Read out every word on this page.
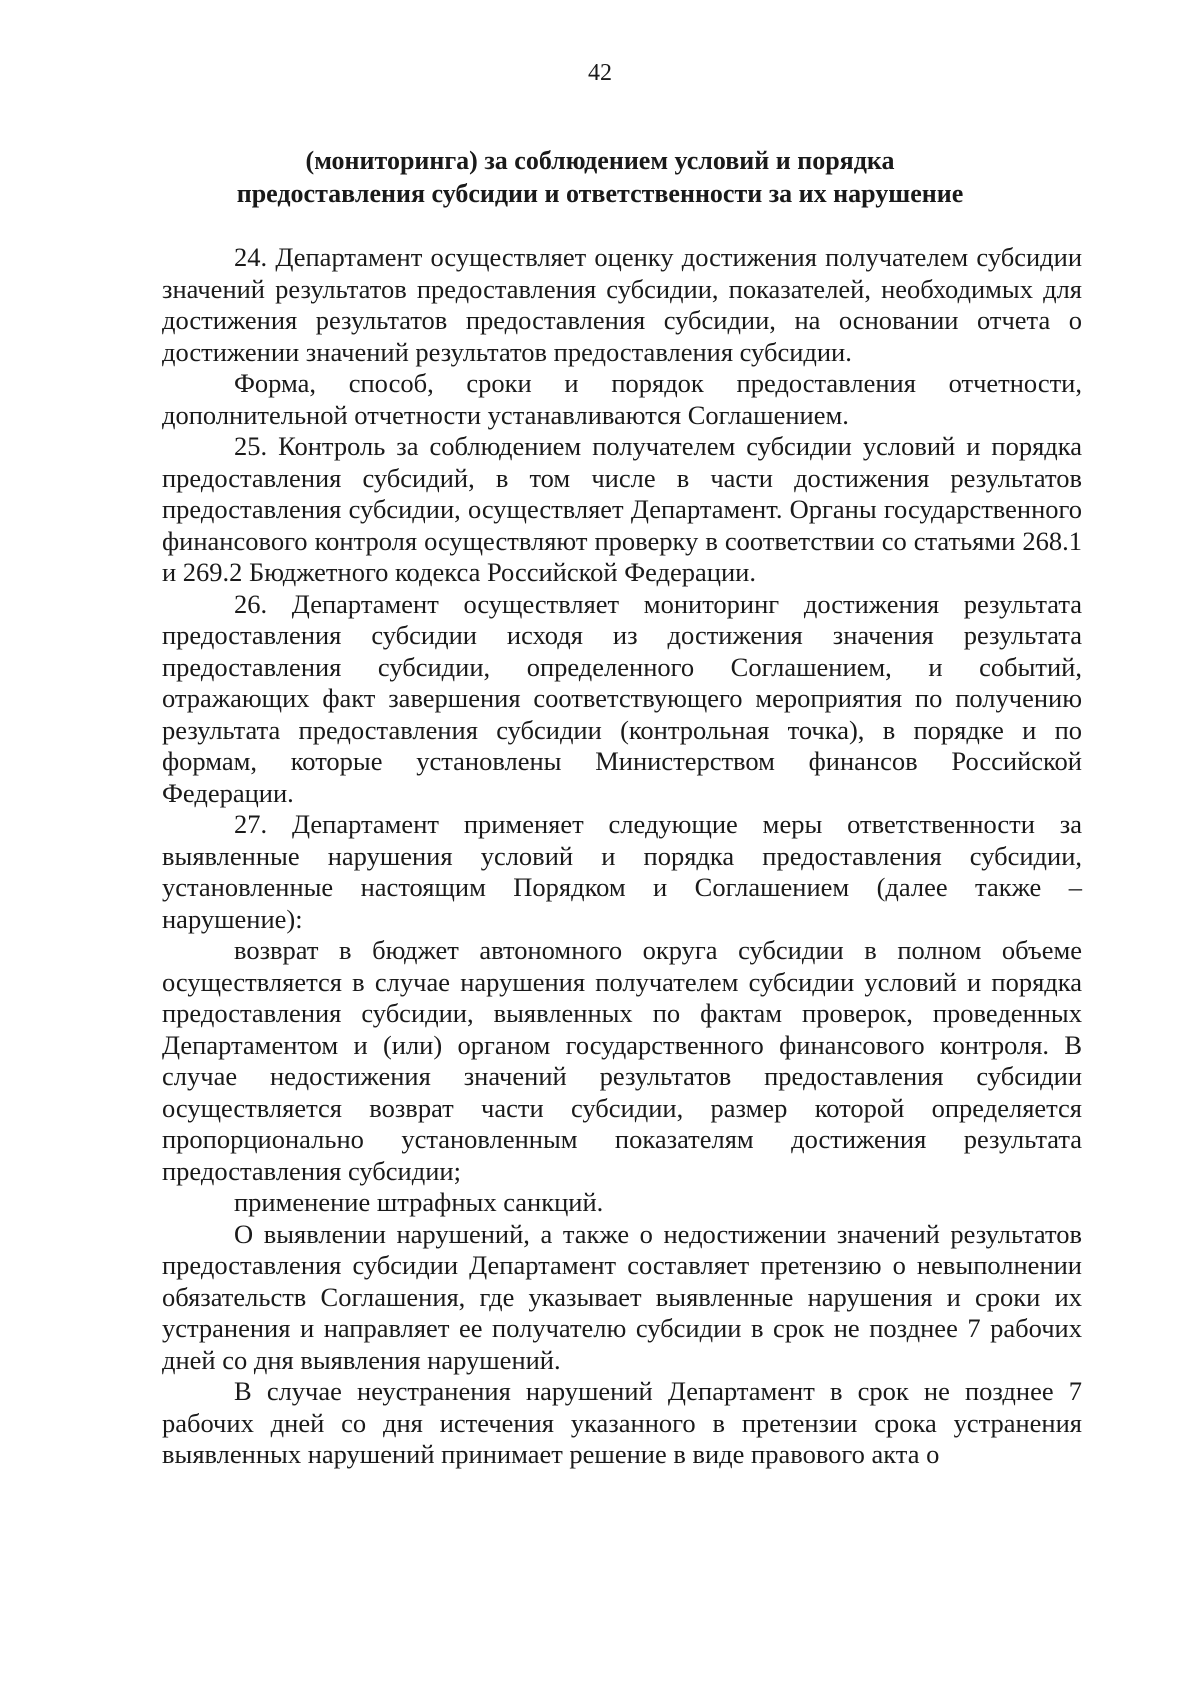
42
(мониторинга) за соблюдением условий и порядка
предоставления субсидии и ответственности за их нарушение

24. Департамент осуществляет оценку достижения получателем субсидии значений результатов предоставления субсидии, показателей, необходимых для достижения результатов предоставления субсидии, на основании отчета о достижении значений результатов предоставления субсидии.

Форма, способ, сроки и порядок предоставления отчетности, дополнительной отчетности устанавливаются Соглашением.

25. Контроль за соблюдением получателем субсидии условий и порядка предоставления субсидий, в том числе в части достижения результатов предоставления субсидии, осуществляет Департамент. Органы государственного финансового контроля осуществляют проверку в соответствии со статьями 268.1 и 269.2 Бюджетного кодекса Российской Федерации.

26. Департамент осуществляет мониторинг достижения результата предоставления субсидии исходя из достижения значения результата предоставления субсидии, определенного Соглашением, и событий, отражающих факт завершения соответствующего мероприятия по получению результата предоставления субсидии (контрольная точка), в порядке и по формам, которые установлены Министерством финансов Российской Федерации.

27. Департамент применяет следующие меры ответственности за выявленные нарушения условий и порядка предоставления субсидии, установленные настоящим Порядком и Соглашением (далее также – нарушение):

возврат в бюджет автономного округа субсидии в полном объеме осуществляется в случае нарушения получателем субсидии условий и порядка предоставления субсидии, выявленных по фактам проверок, проведенных Департаментом и (или) органом государственного финансового контроля. В случае недостижения значений результатов предоставления субсидии осуществляется возврат части субсидии, размер которой определяется пропорционально установленным показателям достижения результата предоставления субсидии;

применение штрафных санкций.

О выявлении нарушений, а также о недостижении значений результатов предоставления субсидии Департамент составляет претензию о невыполнении обязательств Соглашения, где указывает выявленные нарушения и сроки их устранения и направляет ее получателю субсидии в срок не позднее 7 рабочих дней со дня выявления нарушений.

В случае неустранения нарушений Департамент в срок не позднее 7 рабочих дней со дня истечения указанного в претензии срока устранения выявленных нарушений принимает решение в виде правового акта о
